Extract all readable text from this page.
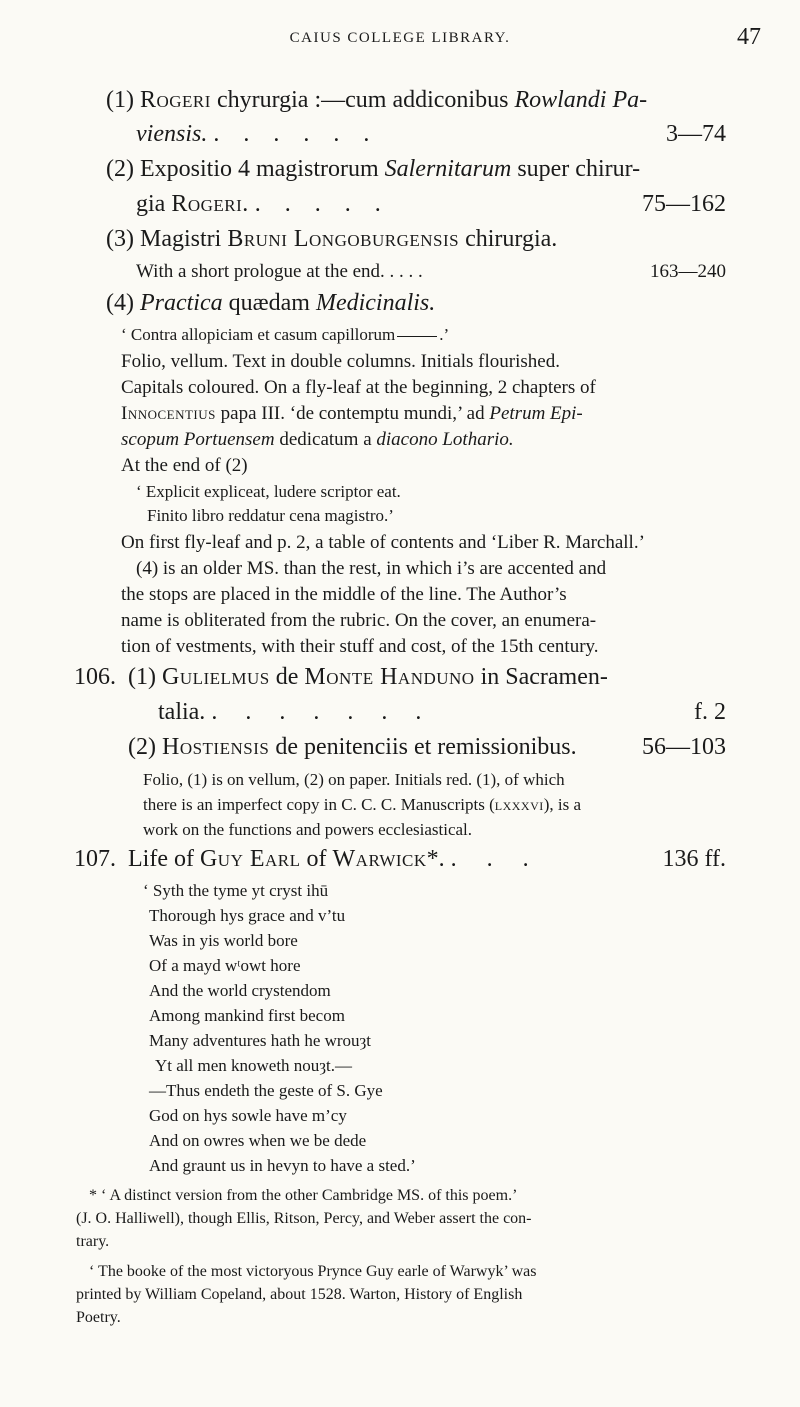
CAIUS COLLEGE LIBRARY.	47
(1) Rogeri chyrurgia :—cum addiconibus Rowlandi Pa-
viensis. . . . . . .	3—74
(2) Expositio 4 magistrorum Salernitarum super chirur-
gia Rogeri. . . . . .	75—162
(3) Magistri Bruni Longoburgensis chirurgia.
With a short prologue at the end. . . . .	163—240
(4) Practica quædam Medicinalis.
‘ Contra allopiciam et casum capillorum	.’
Folio, vellum. Text in double columns. Initials flourished.
Capitals coloured. On a fly-leaf at the beginning, 2 chapters of
Innocentius papa III. ‘de contemptu mundi,’ ad Petrum Epi-
scopum Portuensem dedicatum a diacono Lothario.
At the end of (2)
‘ Explicit expliceat, ludere scriptor eat.
Finito libro reddatur cena magistro.’
On first fly-leaf and p. 2, a table of contents and ‘Liber R. Marchall.’
(4) is an older MS. than the rest, in which i’s are accented and
the stops are placed in the middle of the line. The Author’s
name is obliterated from the rubric. On the cover, an enumera-
tion of vestments, with their stuff and cost, of the 15th century.
106. (1) Gulielmus de Monte Handuno in Sacramen-
talia. . . . . . . .	f. 2
(2) Hostiensis de penitenciis et remissionibus.	56—103
Folio, (1) is on vellum, (2) on paper. Initials red. (1), of which
there is an imperfect copy in C. C. C. Manuscripts (lxxxvi), is a
work on the functions and powers ecclesiastical.
107. Life of Guy Earl of Warwick*. . . .	136 ff.
‘ Syth the tyme yt cryst ihū
Thorough hys grace and v’tu
Was in yis world bore
Of a mayd wᵗowt hore
And the world crystendom
Among mankind first becom
Many adventures hath he wrouȝt
Yt all men knoweth nouȝt.—
—Thus endeth the geste of S. Gye
God on hys sowle have m’cy
And on owres when we be dede
And graunt us in hevyn to have a sted.’
* ‘ A distinct version from the other Cambridge MS. of this poem.’
(J. O. Halliwell), though Ellis, Ritson, Percy, and Weber assert the con-
trary.
‘ The booke of the most victoryous Prynce Guy earle of Warwyk’ was
printed by William Copeland, about 1528. Warton, History of English
Poetry.
